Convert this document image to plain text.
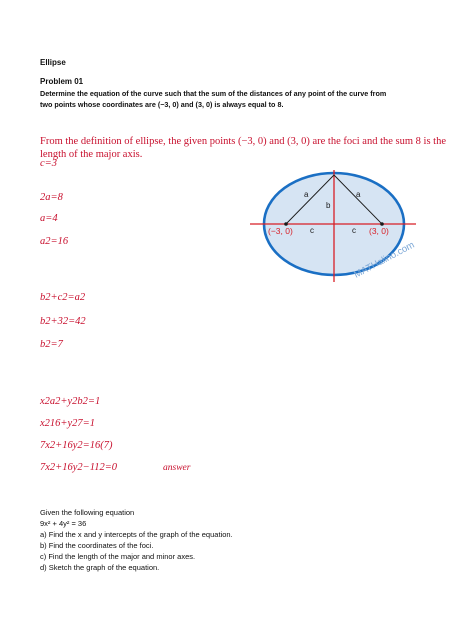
Ellipse
Problem 01
Determine the equation of the curve such that the sum of the distances of any point of the curve from
two points whose coordinates are (−3, 0) and (3, 0) is always equal to 8.
From the definition of ellipse, the given points (−3, 0) and (3, 0) are the foci and the sum 8 is the
length of the major axis.
c=3
2a=8
a=4
a2=16
b2+c2=a2
b2+32=42
b2=7
x2a2+y2b2=1
x216+y27=1
7x2+16y2=16(7)
7x2+16y2−112=0	answer
Given the following equation
9x² + 4y² = 36
a) Find the x and y intercepts of the graph of the equation.
b) Find the coordinates of the foci.
c) Find the length of the major and minor axes.
d) Sketch the graph of the equation.
a	a
b
c	c
(−3, 0)	(3, 0)
MATHalino.com
